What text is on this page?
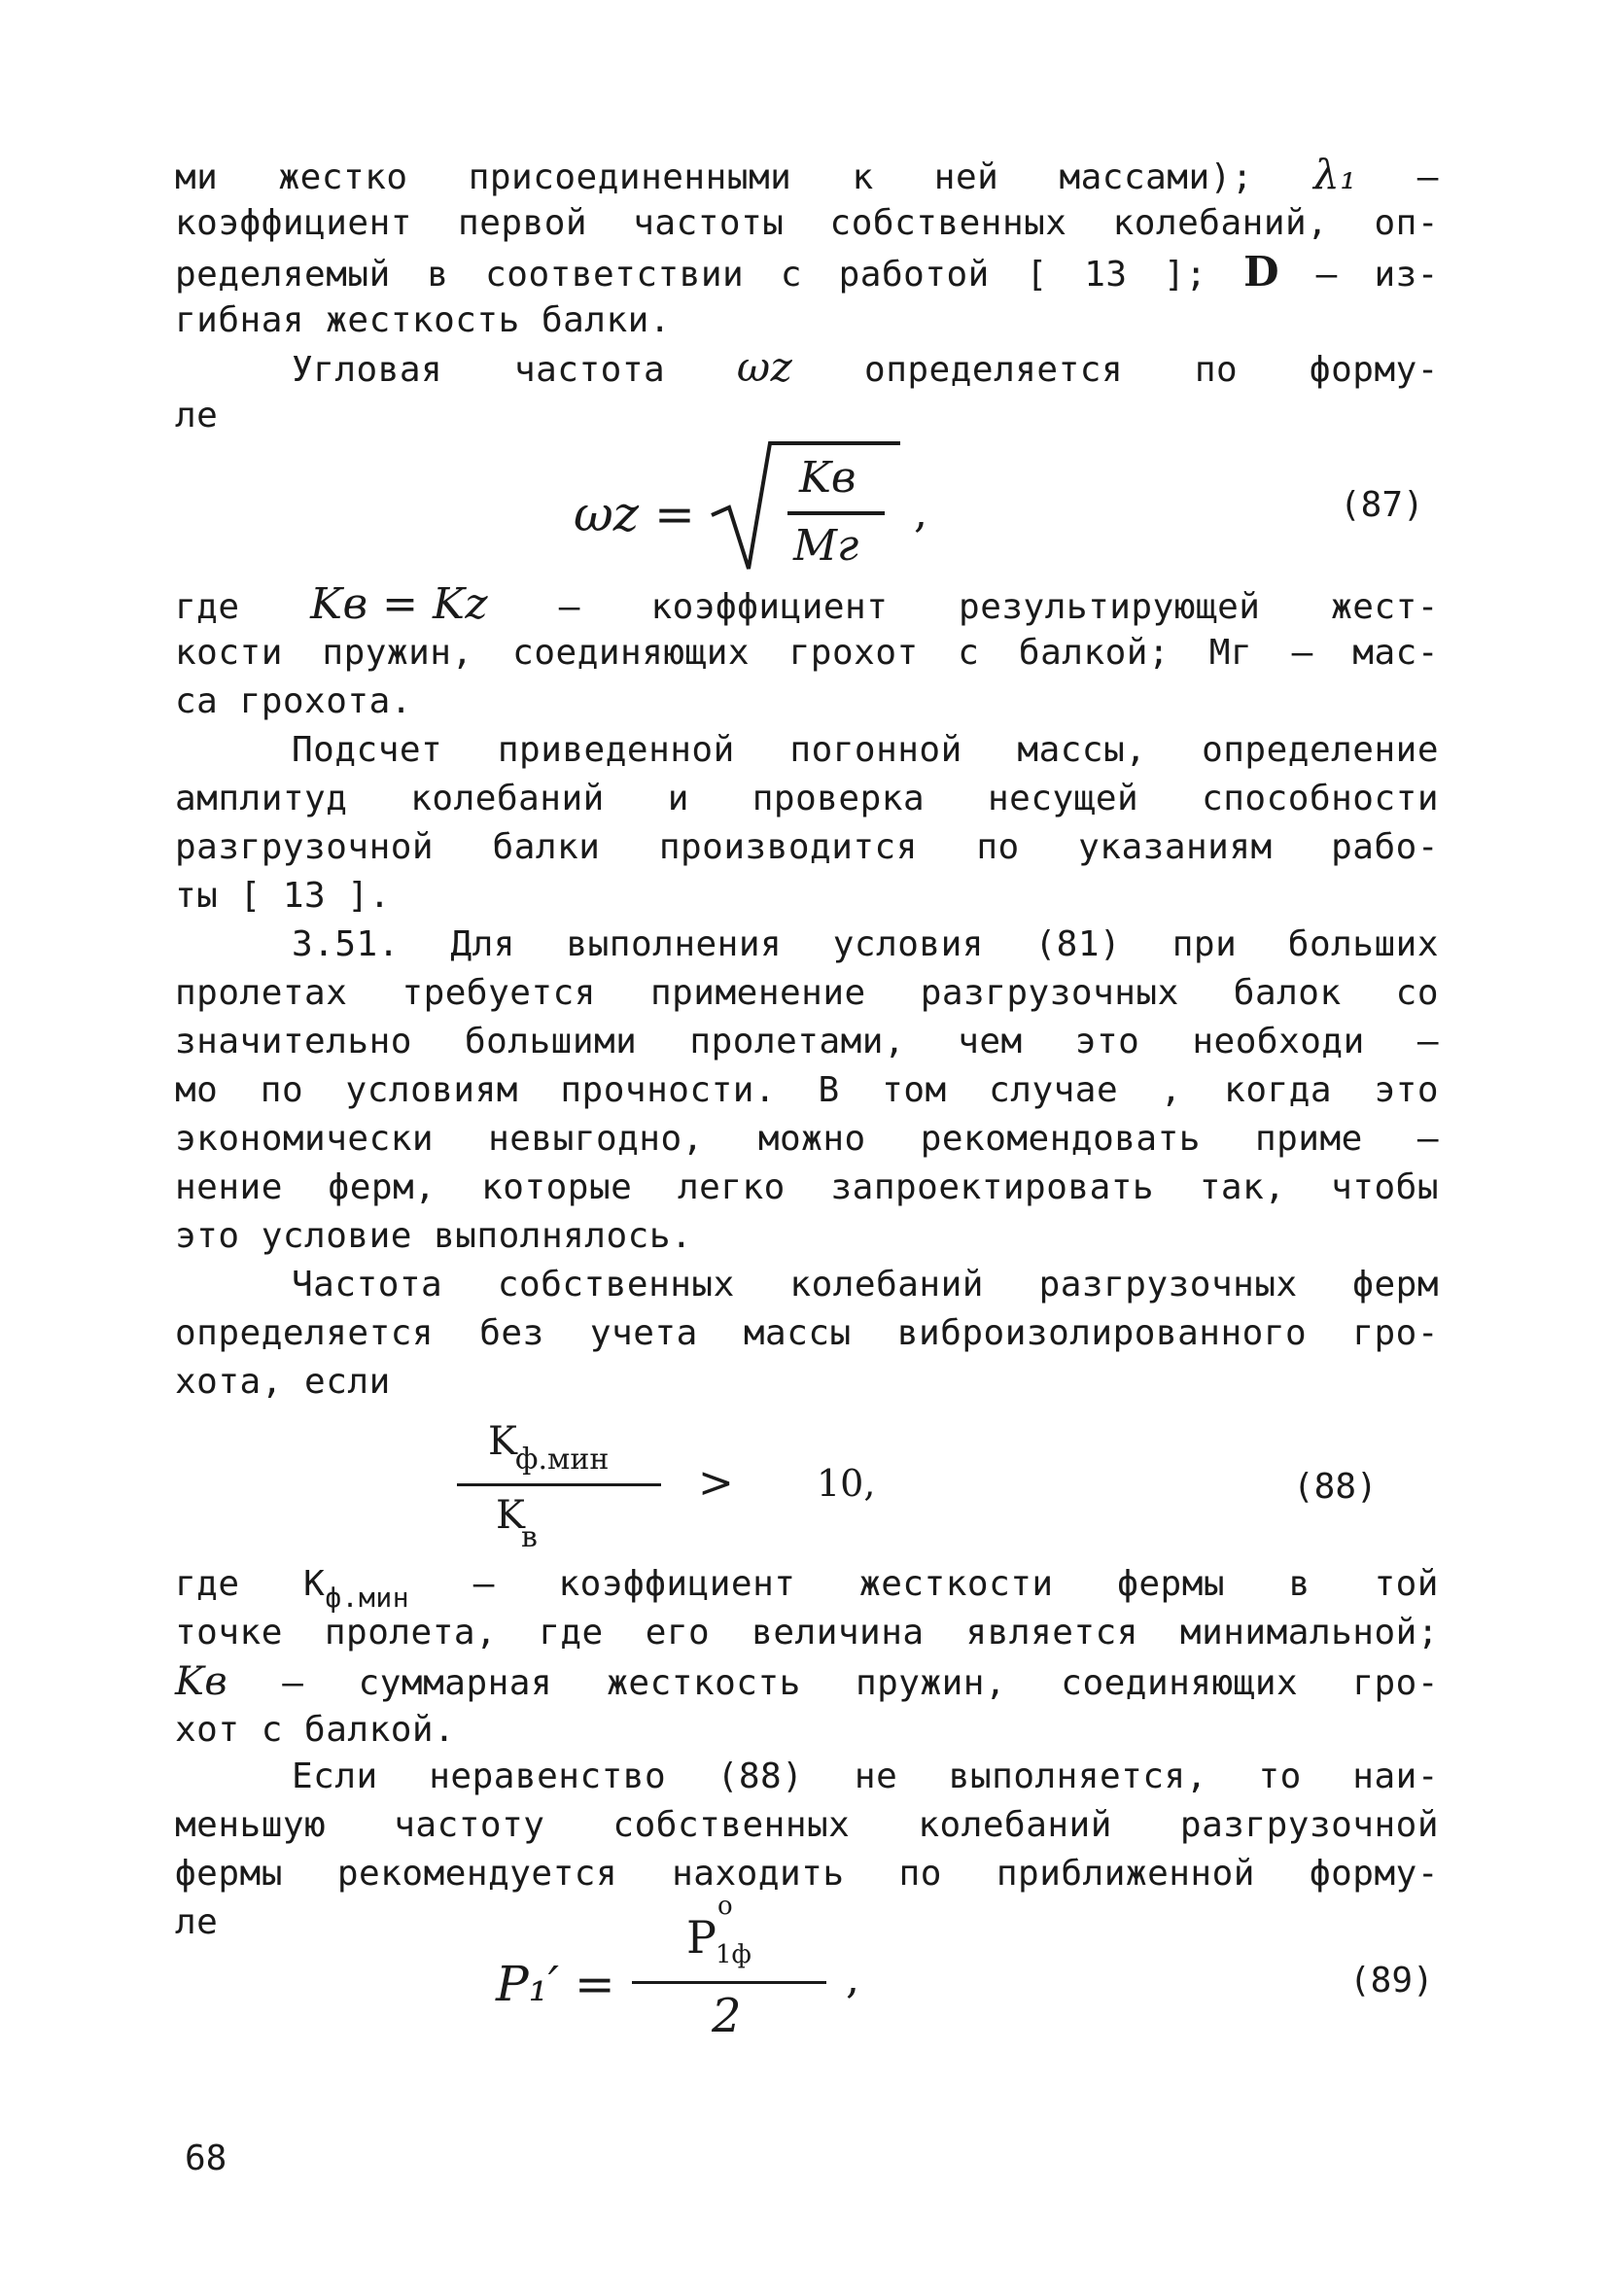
ми жестко присоединенными к ней массами); λ₁ –
коэффициент первой частоты собственных колебаний, оп-
ределяемый в соответствии с работой [ 13 ]; D – из-
гибная жесткость балки.
Угловая частота ωz определяется по форму-
ле
ωz =
Kв
Mг
,	(87)
где Kв = Kz – коэффициент результирующей жест-
кости пружин, соединяющих грохот с балкой; Мг – мас-
са грохота.
Подсчет приведенной погонной массы, определение
амплитуд колебаний и проверка несущей способности
разгрузочной балки производится по указаниям рабо-
ты [ 13 ].
3.51. Для выполнения условия (81) при больших
пролетах требуется применение разгрузочных балок со
значительно большими пролетами, чем это необходи –
мо по условиям прочности. В том случае , когда это
экономически невыгодно, можно рекомендовать приме –
нение ферм, которые легко запроектировать так, чтобы
это условие выполнялось.
Частота собственных колебаний разгрузочных ферм
определяется без учета массы виброизолированного гро-
хота, если
K
ф.мин
K
в
> 10,	(88)
где Кф.мин – коэффициент жесткости фермы в той
точке пролета, где его величина является минимальной;
Kв – суммарная жесткость пружин, соединяющих гро-
хот с балкой.
Если неравенство (88) не выполняется, то наи-
меньшую частоту собственных колебаний разгрузочной
фермы рекомендуется находить по приближенной форму-
ле
P₁′ =
P 1ф
o
2
,	(89)
68
